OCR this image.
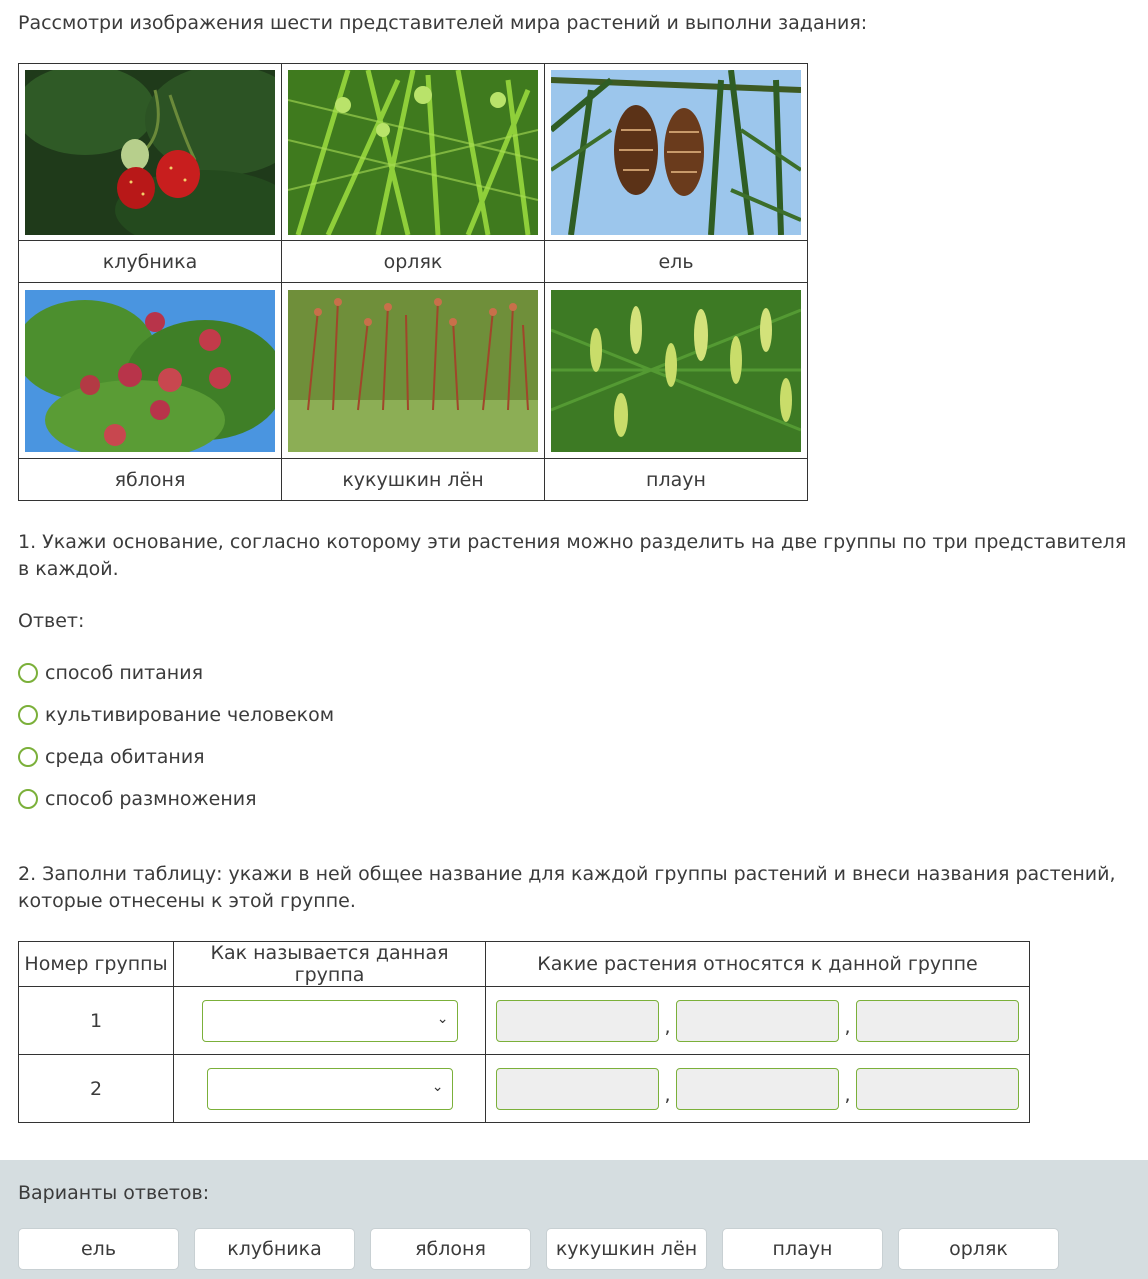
Рассмотри изображения шести представителей мира растений и выполни задания:

клубника	орляк	ель

яблоня	кукушкин лён	плаун

1. Укажи основание, согласно которому эти растения можно разделить на две группы по три представителя в каждой.

Ответ:

способ питания
культивирование человеком
среда обитания
способ размножения

2. Заполни таблицу: укажи в ней общее название для каждой группы растений и внеси названия растений, которые отнесены к этой группе.

Номер группы	Как называется данная группа	Какие растения относятся к данной группе
1	⌄	, ,

2	⌄	, ,

Варианты ответов:

ель	клубника	яблоня	кукушкин лён	плаун	орляк
